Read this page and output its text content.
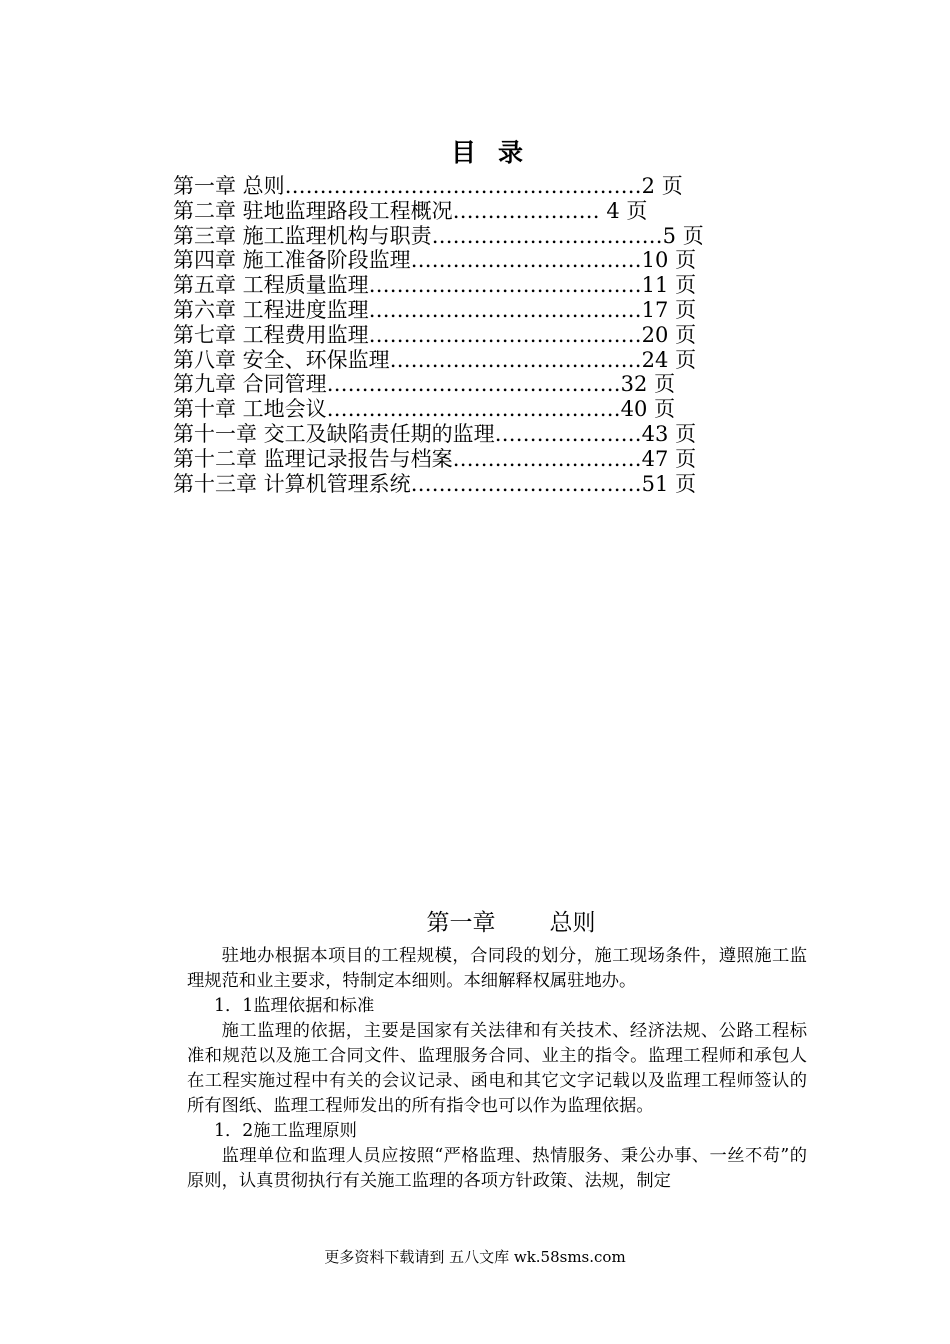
目录
第一章 总则……………………………………………2 页
第二章 驻地监理路段工程概况………………… 4 页
第三章 施工监理机构与职责……………………………5 页
第四章 施工准备阶段监理……………………………10 页
第五章 工程质量监理…………………………………11 页
第六章 工程进度监理…………………………………17 页
第七章 工程费用监理…………………………………20 页
第八章 安全、环保监理………………………………24 页
第九章 合同管理……………………………………32 页
第十章 工地会议……………………………………40 页
第十一章 交工及缺陷责任期的监理…………………43 页
第十二章 监理记录报告与档案………………………47 页
第十三章 计算机管理系统……………………………51 页
第一章 总则

驻地办根据本项目的工程规模，合同段的划分，施工现场条件，遵照施工监理规范和业主要求，特制定本细则。本细解释权属驻地办。

1．1监理依据和标准

施工监理的依据，主要是国家有关法律和有关技术、经济法规、公路工程标准和规范以及施工合同文件、监理服务合同、业主的指令。监理工程师和承包人在工程实施过程中有关的会议记录、函电和其它文字记载以及监理工程师签认的所有图纸、监理工程师发出的所有指令也可以作为监理依据。

1．2施工监理原则

监理单位和监理人员应按照“严格监理、热情服务、秉公办事、一丝不苟”的原则，认真贯彻执行有关施工监理的各项方针政策、法规，制定

更多资料下载请到 五八文库 wk.58sms.com
